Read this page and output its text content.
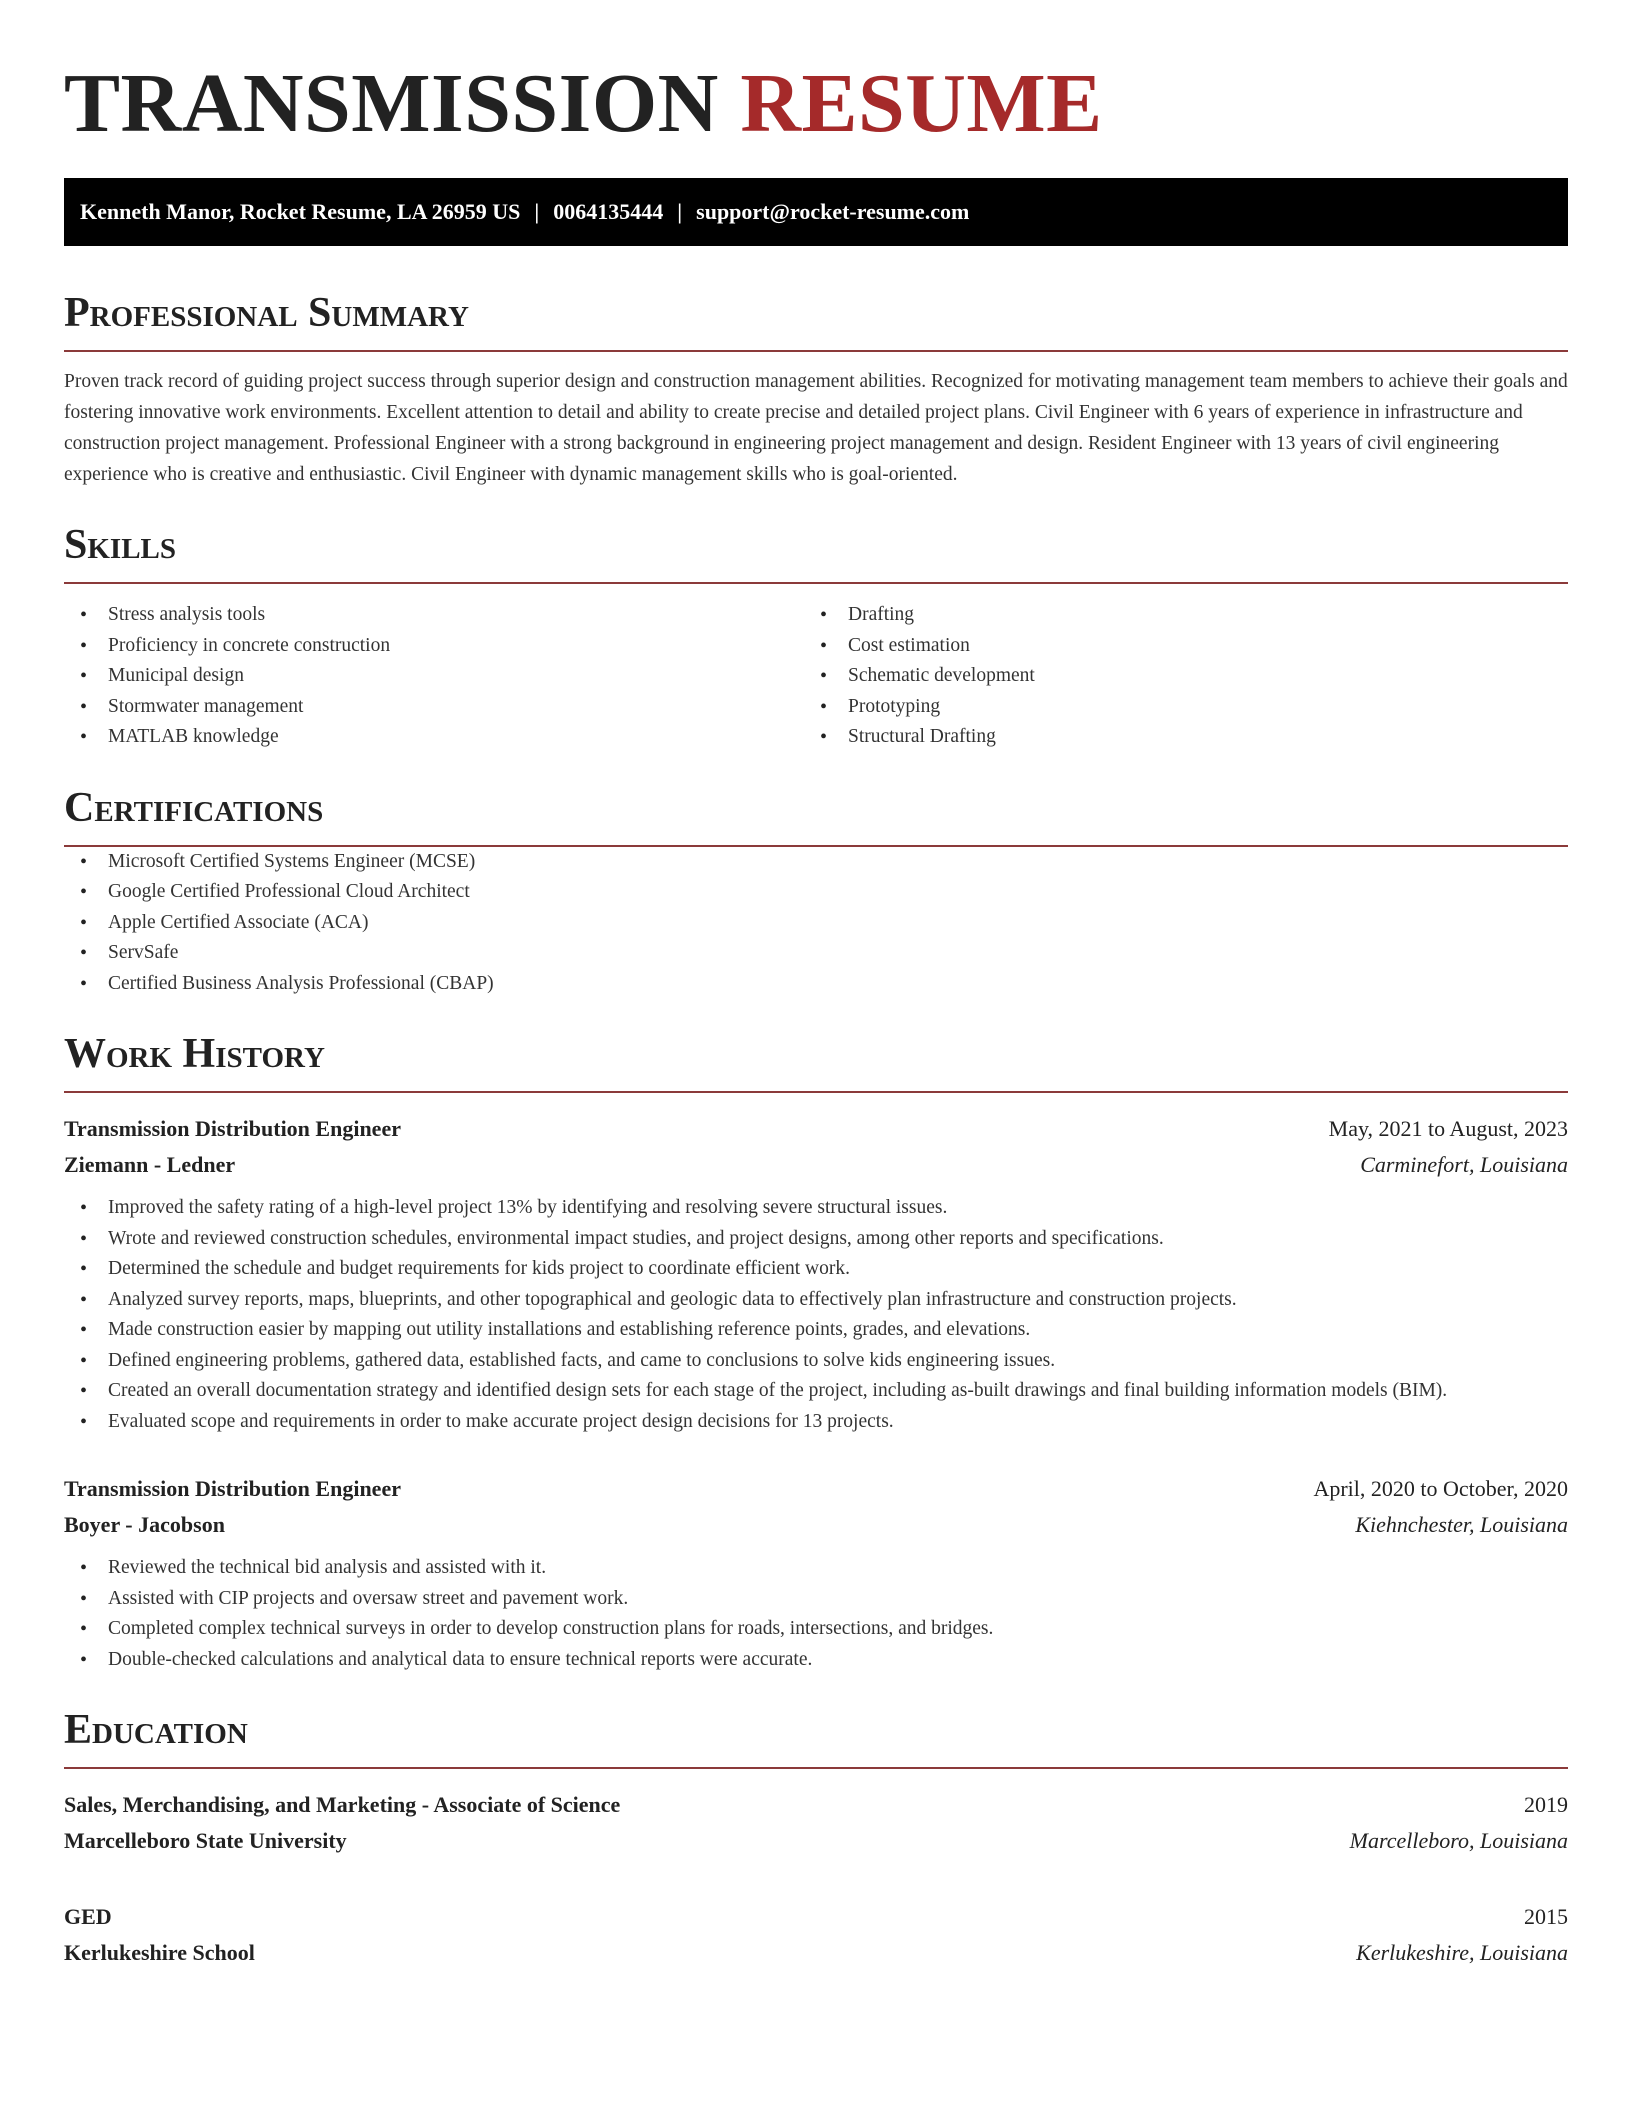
TRANSMISSION RESUME
Kenneth Manor, Rocket Resume, LA 26959 US | 0064135444 | support@rocket-resume.com
Professional Summary

Proven track record of guiding project success through superior design and construction management abilities. Recognized for motivating management team members to achieve their goals and fostering innovative work environments. Excellent attention to detail and ability to create precise and detailed project plans. Civil Engineer with 6 years of experience in infrastructure and construction project management. Professional Engineer with a strong background in engineering project management and design. Resident Engineer with 13 years of civil engineering experience who is creative and enthusiastic. Civil Engineer with dynamic management skills who is goal-oriented.

Skills
• Stress analysis tools
• Proficiency in concrete construction
• Municipal design
• Stormwater management
• MATLAB knowledge
• Drafting
• Cost estimation
• Schematic development
• Prototyping
• Structural Drafting
Certifications
• Microsoft Certified Systems Engineer (MCSE)
• Google Certified Professional Cloud Architect
• Apple Certified Associate (ACA)
• ServSafe
• Certified Business Analysis Professional (CBAP)
Work History
Transmission Distribution Engineer	May, 2021 to August, 2023
Ziemann - Ledner	Carminefort, Louisiana
• Improved the safety rating of a high-level project 13% by identifying and resolving severe structural issues.
• Wrote and reviewed construction schedules, environmental impact studies, and project designs, among other reports and specifications.
• Determined the schedule and budget requirements for kids project to coordinate efficient work.
• Analyzed survey reports, maps, blueprints, and other topographical and geologic data to effectively plan infrastructure and construction projects.
• Made construction easier by mapping out utility installations and establishing reference points, grades, and elevations.
• Defined engineering problems, gathered data, established facts, and came to conclusions to solve kids engineering issues.
• Created an overall documentation strategy and identified design sets for each stage of the project, including as-built drawings and final building information models (BIM).
• Evaluated scope and requirements in order to make accurate project design decisions for 13 projects.
Transmission Distribution Engineer	April, 2020 to October, 2020
Boyer - Jacobson	Kiehnchester, Louisiana
• Reviewed the technical bid analysis and assisted with it.
• Assisted with CIP projects and oversaw street and pavement work.
• Completed complex technical surveys in order to develop construction plans for roads, intersections, and bridges.
• Double-checked calculations and analytical data to ensure technical reports were accurate.
Education
Sales, Merchandising, and Marketing - Associate of Science	2019
Marcelleboro State University	Marcelleboro, Louisiana
GED	2015
Kerlukeshire School	Kerlukeshire, Louisiana
